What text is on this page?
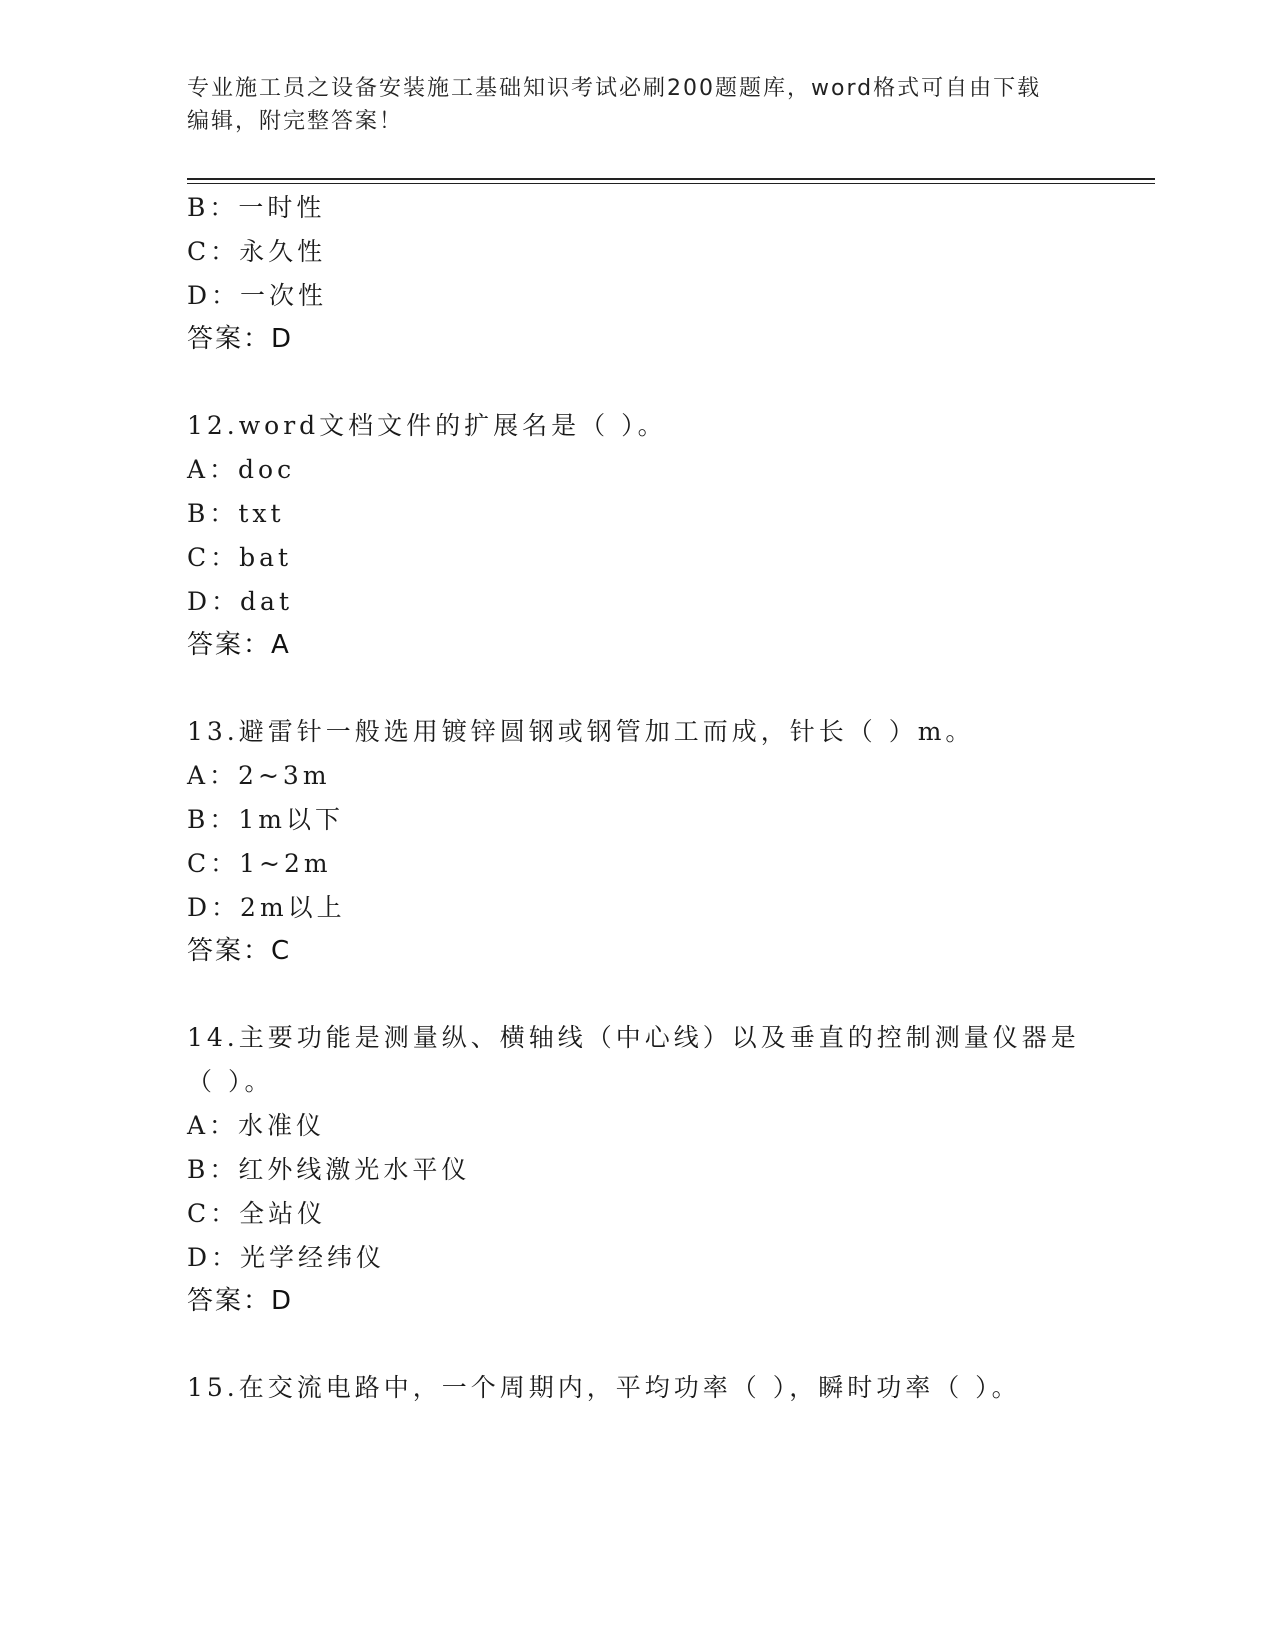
专业施工员之设备安装施工基础知识考试必刷200题题库，word格式可自由下载
编辑，附完整答案！
B：一时性
C：永久性
D：一次性
答案：D
12.word文档文件的扩展名是（ ）。
A：doc
B：txt
C：bat
D：dat
答案：A
13.避雷针一般选用镀锌圆钢或钢管加工而成，针长（ ）m。
A：2~3m
B：1m以下
C：1~2m
D：2m以上
答案：C
14.主要功能是测量纵、横轴线（中心线）以及垂直的控制测量仪器是
（ ）。
A：水准仪
B：红外线激光水平仪
C：全站仪
D：光学经纬仪
答案：D
15.在交流电路中，一个周期内，平均功率（ ），瞬时功率（ ）。
